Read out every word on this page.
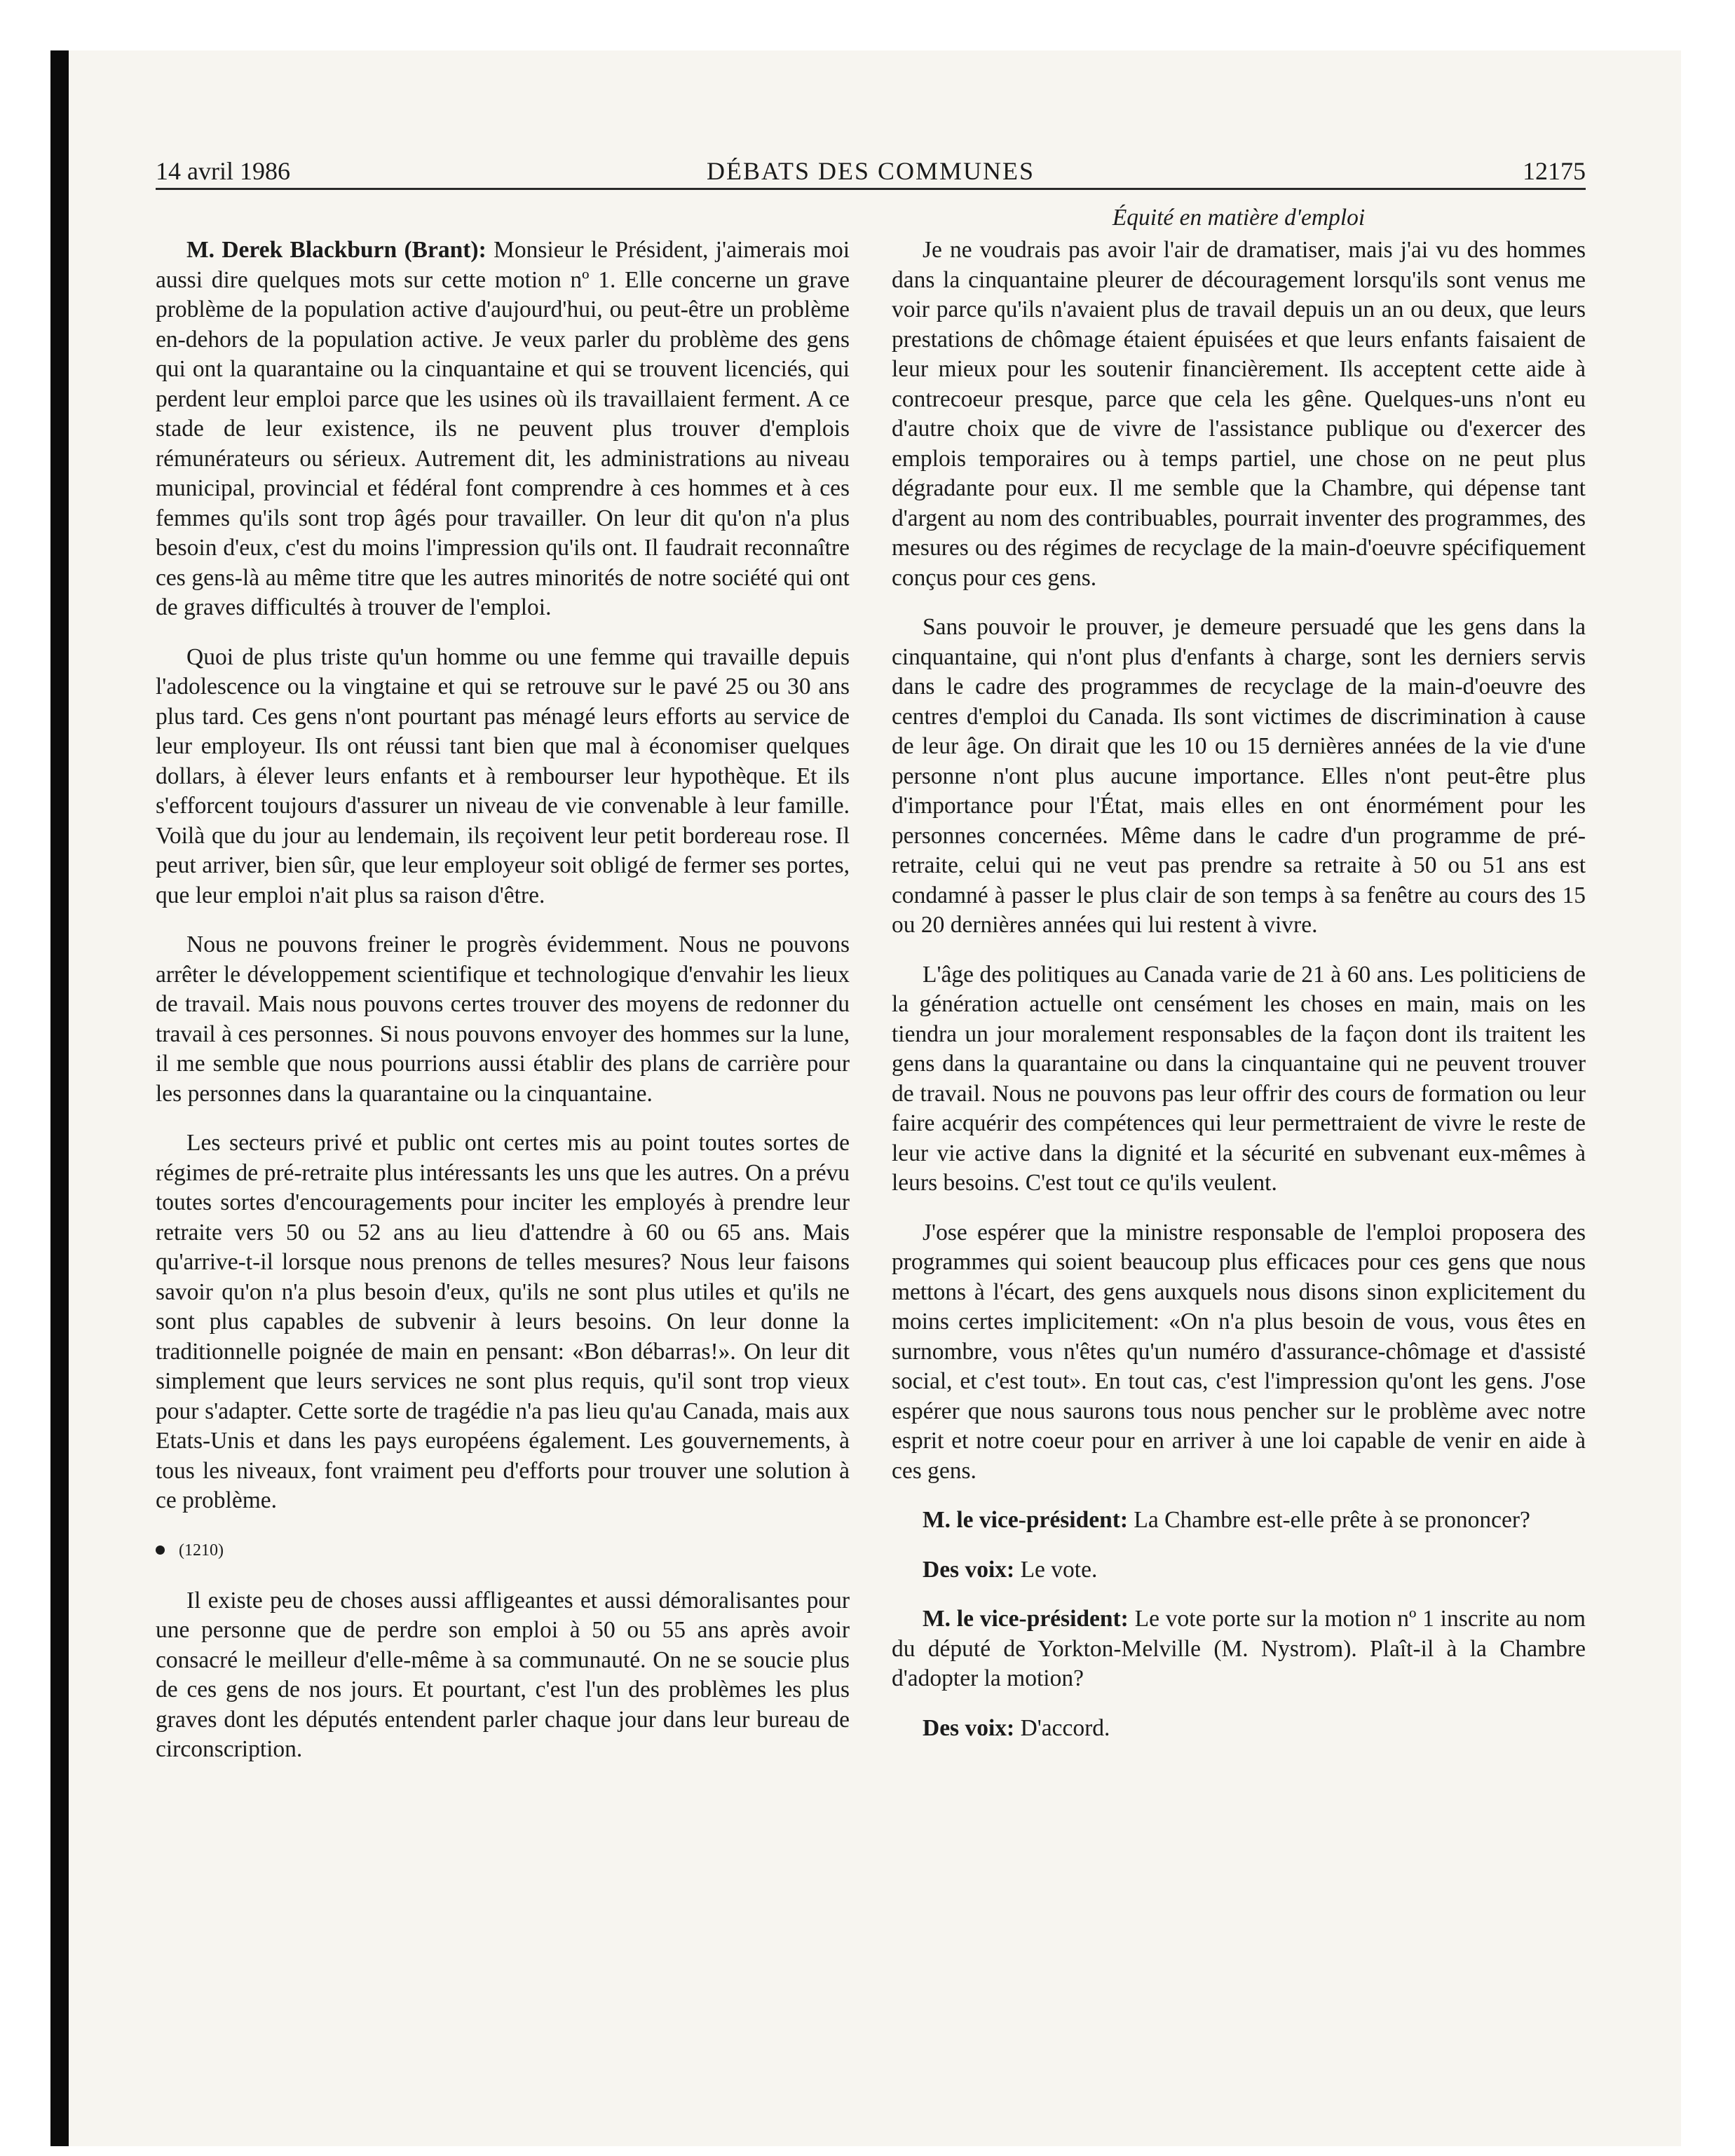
14 avril 1986	DÉBATS DES COMMUNES	12175

M. Derek Blackburn (Brant): Monsieur le Président, j'aimerais moi aussi dire quelques mots sur cette motion nº 1. Elle concerne un grave problème de la population active d'aujourd'hui, ou peut-être un problème en-dehors de la population active. Je veux parler du problème des gens qui ont la quarantaine ou la cinquantaine et qui se trouvent licenciés, qui perdent leur emploi parce que les usines où ils travaillaient ferment. A ce stade de leur existence, ils ne peuvent plus trouver d'emplois rémunérateurs ou sérieux. Autrement dit, les administrations au niveau municipal, provincial et fédéral font comprendre à ces hommes et à ces femmes qu'ils sont trop âgés pour travailler. On leur dit qu'on n'a plus besoin d'eux, c'est du moins l'impression qu'ils ont. Il faudrait reconnaître ces gens-là au même titre que les autres minorités de notre société qui ont de graves difficultés à trouver de l'emploi.

Quoi de plus triste qu'un homme ou une femme qui travaille depuis l'adolescence ou la vingtaine et qui se retrouve sur le pavé 25 ou 30 ans plus tard. Ces gens n'ont pourtant pas ménagé leurs efforts au service de leur employeur. Ils ont réussi tant bien que mal à économiser quelques dollars, à élever leurs enfants et à rembourser leur hypothèque. Et ils s'efforcent toujours d'assurer un niveau de vie convenable à leur famille. Voilà que du jour au lendemain, ils reçoivent leur petit bordereau rose. Il peut arriver, bien sûr, que leur employeur soit obligé de fermer ses portes, que leur emploi n'ait plus sa raison d'être.

Nous ne pouvons freiner le progrès évidemment. Nous ne pouvons arrêter le développement scientifique et technologique d'envahir les lieux de travail. Mais nous pouvons certes trouver des moyens de redonner du travail à ces personnes. Si nous pouvons envoyer des hommes sur la lune, il me semble que nous pourrions aussi établir des plans de carrière pour les personnes dans la quarantaine ou la cinquantaine.

Les secteurs privé et public ont certes mis au point toutes sortes de régimes de pré-retraite plus intéressants les uns que les autres. On a prévu toutes sortes d'encouragements pour inciter les employés à prendre leur retraite vers 50 ou 52 ans au lieu d'attendre à 60 ou 65 ans. Mais qu'arrive-t-il lorsque nous prenons de telles mesures? Nous leur faisons savoir qu'on n'a plus besoin d'eux, qu'ils ne sont plus utiles et qu'ils ne sont plus capables de subvenir à leurs besoins. On leur donne la traditionnelle poignée de main en pensant: «Bon débarras!». On leur dit simplement que leurs services ne sont plus requis, qu'il sont trop vieux pour s'adapter. Cette sorte de tragédie n'a pas lieu qu'au Canada, mais aux Etats-Unis et dans les pays européens également. Les gouvernements, à tous les niveaux, font vraiment peu d'efforts pour trouver une solution à ce problème.

(1210)

Il existe peu de choses aussi affligeantes et aussi démoralisantes pour une personne que de perdre son emploi à 50 ou 55 ans après avoir consacré le meilleur d'elle-même à sa communauté. On ne se soucie plus de ces gens de nos jours. Et pourtant, c'est l'un des problèmes les plus graves dont les députés entendent parler chaque jour dans leur bureau de circonscription.

Équité en matière d'emploi

Je ne voudrais pas avoir l'air de dramatiser, mais j'ai vu des hommes dans la cinquantaine pleurer de découragement lorsqu'ils sont venus me voir parce qu'ils n'avaient plus de travail depuis un an ou deux, que leurs prestations de chômage étaient épuisées et que leurs enfants faisaient de leur mieux pour les soutenir financièrement. Ils acceptent cette aide à contrecoeur presque, parce que cela les gêne. Quelques-uns n'ont eu d'autre choix que de vivre de l'assistance publique ou d'exercer des emplois temporaires ou à temps partiel, une chose on ne peut plus dégradante pour eux. Il me semble que la Chambre, qui dépense tant d'argent au nom des contribuables, pourrait inventer des programmes, des mesures ou des régimes de recyclage de la main-d'oeuvre spécifiquement conçus pour ces gens.

Sans pouvoir le prouver, je demeure persuadé que les gens dans la cinquantaine, qui n'ont plus d'enfants à charge, sont les derniers servis dans le cadre des programmes de recyclage de la main-d'oeuvre des centres d'emploi du Canada. Ils sont victimes de discrimination à cause de leur âge. On dirait que les 10 ou 15 dernières années de la vie d'une personne n'ont plus aucune importance. Elles n'ont peut-être plus d'importance pour l'État, mais elles en ont énormément pour les personnes concernées. Même dans le cadre d'un programme de pré-retraite, celui qui ne veut pas prendre sa retraite à 50 ou 51 ans est condamné à passer le plus clair de son temps à sa fenêtre au cours des 15 ou 20 dernières années qui lui restent à vivre.

L'âge des politiques au Canada varie de 21 à 60 ans. Les politiciens de la génération actuelle ont censément les choses en main, mais on les tiendra un jour moralement responsables de la façon dont ils traitent les gens dans la quarantaine ou dans la cinquantaine qui ne peuvent trouver de travail. Nous ne pouvons pas leur offrir des cours de formation ou leur faire acquérir des compétences qui leur permettraient de vivre le reste de leur vie active dans la dignité et la sécurité en subvenant eux-mêmes à leurs besoins. C'est tout ce qu'ils veulent.

J'ose espérer que la ministre responsable de l'emploi proposera des programmes qui soient beaucoup plus efficaces pour ces gens que nous mettons à l'écart, des gens auxquels nous disons sinon explicitement du moins certes implicitement: «On n'a plus besoin de vous, vous êtes en surnombre, vous n'êtes qu'un numéro d'assurance-chômage et d'assisté social, et c'est tout». En tout cas, c'est l'impression qu'ont les gens. J'ose espérer que nous saurons tous nous pencher sur le problème avec notre esprit et notre coeur pour en arriver à une loi capable de venir en aide à ces gens.

M. le vice-président: La Chambre est-elle prête à se prononcer?

Des voix: Le vote.

M. le vice-président: Le vote porte sur la motion nº 1 inscrite au nom du député de Yorkton-Melville (M. Nystrom). Plaît-il à la Chambre d'adopter la motion?

Des voix: D'accord.
